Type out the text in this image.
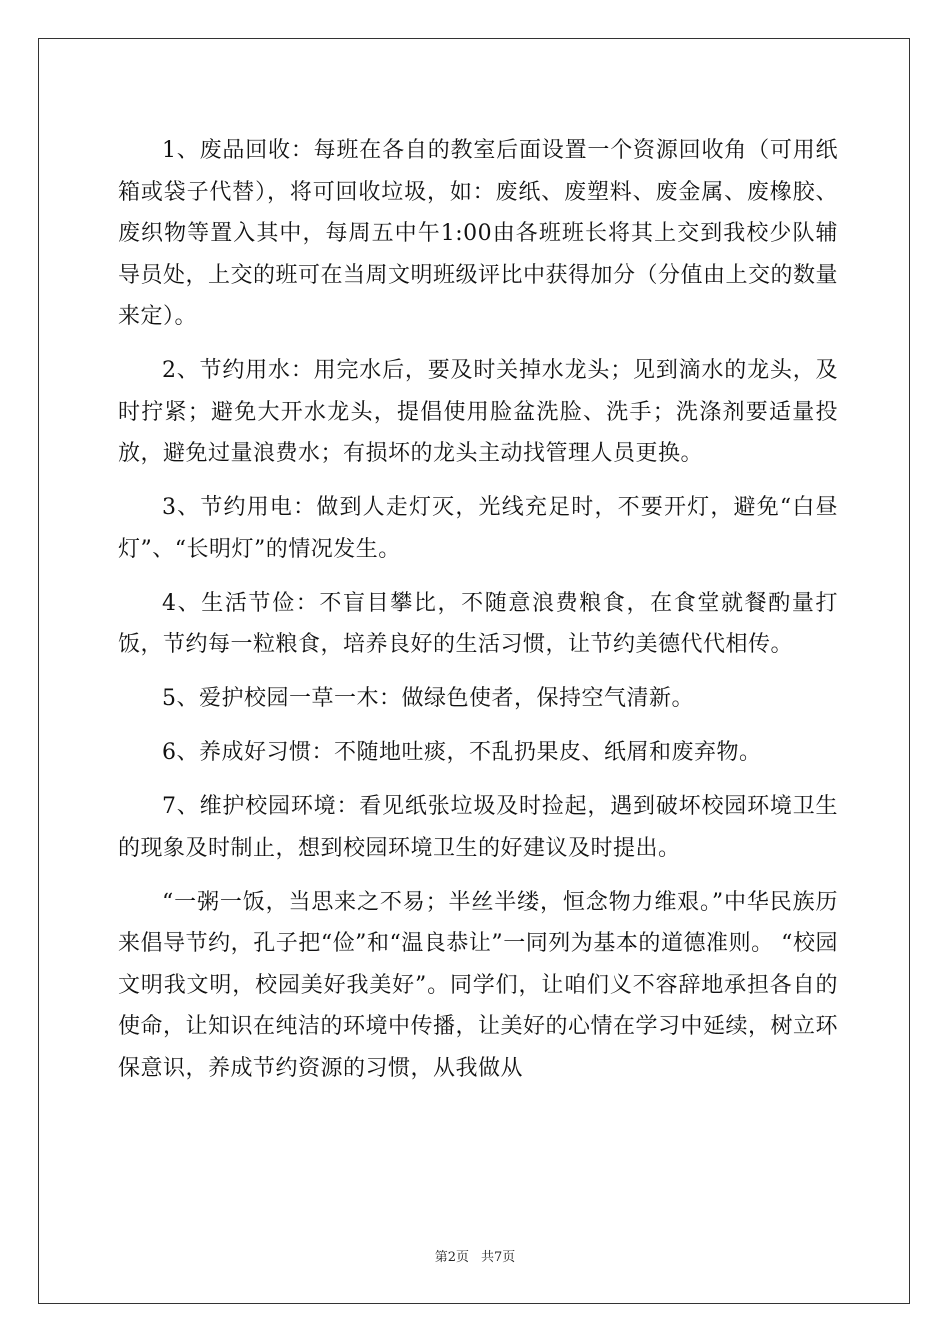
1、废品回收：每班在各自的教室后面设置一个资源回收角（可用纸箱或袋子代替），将可回收垃圾，如：废纸、废塑料、废金属、废橡胶、废织物等置入其中，每周五中午1:00由各班班长将其上交到我校少队辅导员处，上交的班可在当周文明班级评比中获得加分（分值由上交的数量来定）。

2、节约用水：用完水后，要及时关掉水龙头；见到滴水的龙头，及时拧紧；避免大开水龙头，提倡使用脸盆洗脸、洗手；洗涤剂要适量投放，避免过量浪费水；有损坏的龙头主动找管理人员更换。

3、节约用电：做到人走灯灭，光线充足时，不要开灯，避免“白昼灯”、“长明灯”的情况发生。

4、生活节俭：不盲目攀比，不随意浪费粮食，在食堂就餐酌量打饭，节约每一粒粮食，培养良好的生活习惯，让节约美德代代相传。

5、爱护校园一草一木：做绿色使者，保持空气清新。

6、养成好习惯：不随地吐痰，不乱扔果皮、纸屑和废弃物。

7、维护校园环境：看见纸张垃圾及时捡起，遇到破坏校园环境卫生的现象及时制止，想到校园环境卫生的好建议及时提出。

“一粥一饭，当思来之不易；半丝半缕，恒念物力维艰。”中华民族历来倡导节约，孔子把“俭”和“温良恭让”一同列为基本的道德准则。 “校园文明我文明，校园美好我美好”。同学们，让咱们义不容辞地承担各自的使命，让知识在纯洁的环境中传播，让美好的心情在学习中延续，树立环保意识，养成节约资源的习惯，从我做从

第2页 共7页
